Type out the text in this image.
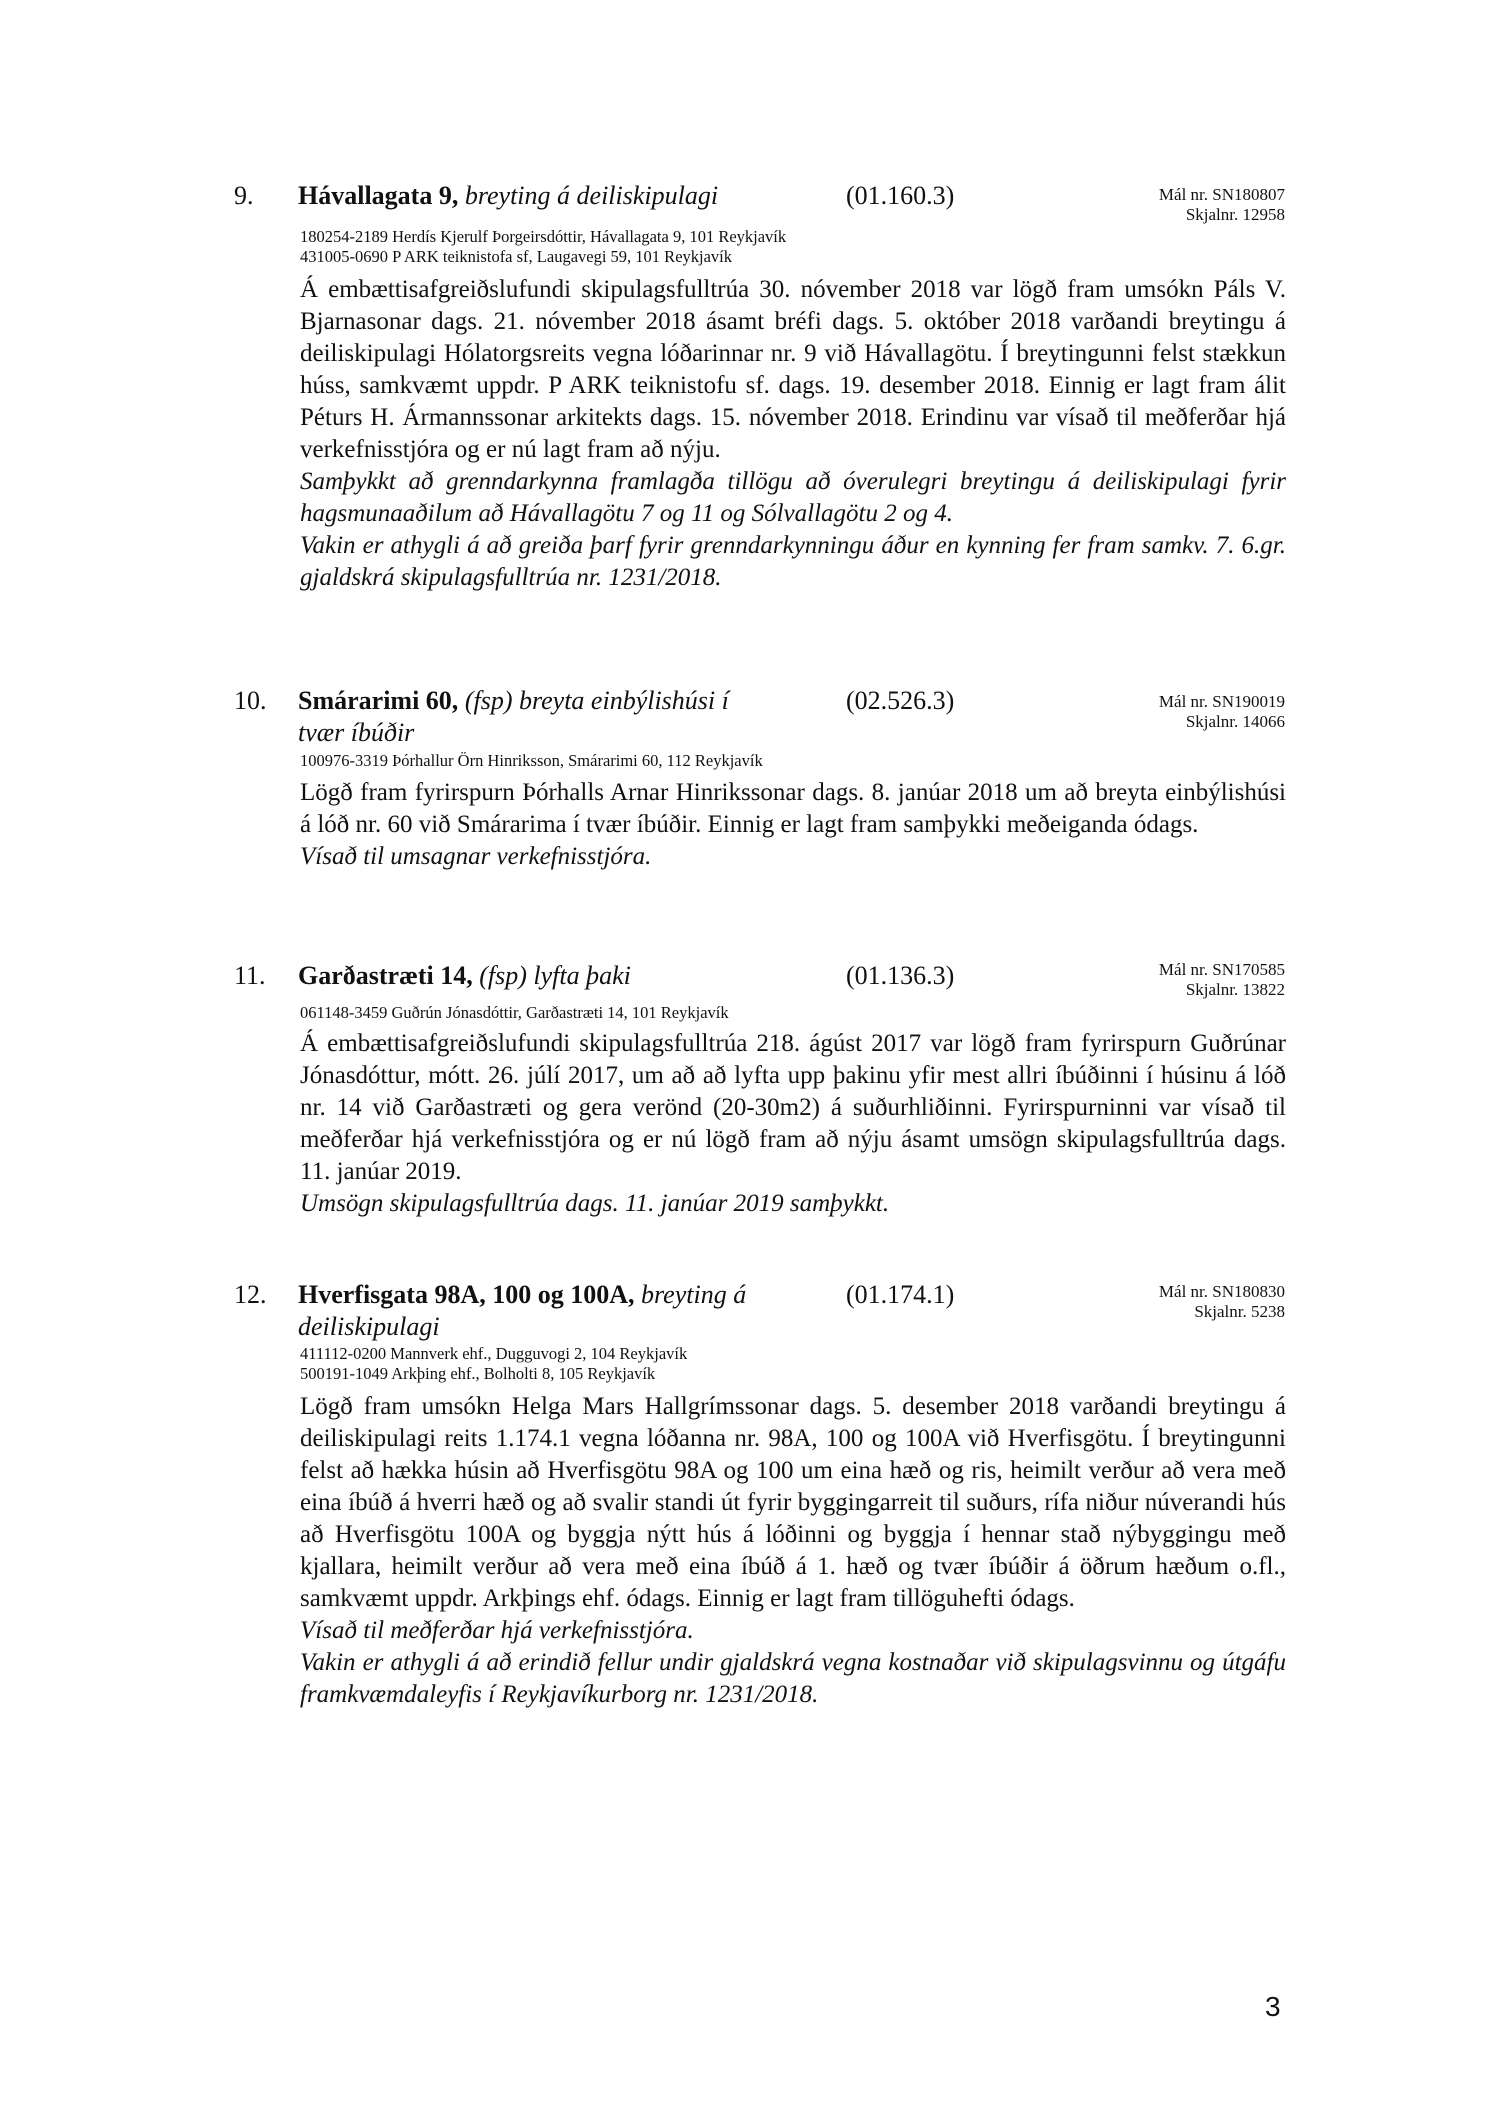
9. Hávallagata 9, breyting á deiliskipulagi	(01.160.3)	Mál nr. SN180807
Skjalnr. 12958
180254-2189 Herdís Kjerulf Þorgeirsdóttir, Hávallagata 9, 101 Reykjavík
431005-0690 P ARK teiknistofa sf, Laugavegi 59, 101 Reykjavík

Á embættisafgreiðslufundi skipulagsfulltrúa 30. nóvember 2018 var lögð fram umsókn Páls V. Bjarnasonar dags. 21. nóvember 2018 ásamt bréfi dags. 5. október 2018 varðandi breytingu á deiliskipulagi Hólatorgsreits vegna lóðarinnar nr. 9 við Hávallagötu. Í breytingunni felst stækkun húss, samkvæmt uppdr. P ARK teiknistofu sf. dags. 19. desember 2018. Einnig er lagt fram álit Péturs H. Ármannssonar arkitekts dags. 15. nóvember 2018. Erindinu var vísað til meðferðar hjá verkefnisstjóra og er nú lagt fram að nýju.

Samþykkt að grenndarkynna framlagða tillögu að óverulegri breytingu á deiliskipulagi fyrir hagsmunaaðilum að Hávallagötu 7 og 11 og Sólvallagötu 2 og 4.

Vakin er athygli á að greiða þarf fyrir grenndarkynningu áður en kynning fer fram samkv. 7. 6.gr. gjaldskrá skipulagsfulltrúa nr. 1231/2018.

10. Smárarimi 60, (fsp) breyta einbýlishúsi í tvær íbúðir
(02.526.3)	Mál nr. SN190019
Skjalnr. 14066
100976-3319 Þórhallur Örn Hinriksson, Smárarimi 60, 112 Reykjavík

Lögð fram fyrirspurn Þórhalls Arnar Hinrikssonar dags. 8. janúar 2018 um að breyta einbýlishúsi á lóð nr. 60 við Smárarima í tvær íbúðir. Einnig er lagt fram samþykki meðeiganda ódags.

Vísað til umsagnar verkefnisstjóra.

11. Garðastræti 14, (fsp) lyfta þaki	(01.136.3)	Mál nr. SN170585
Skjalnr. 13822
061148-3459 Guðrún Jónasdóttir, Garðastræti 14, 101 Reykjavík

Á embættisafgreiðslufundi skipulagsfulltrúa 218. ágúst 2017 var lögð fram fyrirspurn Guðrúnar Jónasdóttur, mótt. 26. júlí 2017, um að að lyfta upp þakinu yfir mest allri íbúðinni í húsinu á lóð nr. 14 við Garðastræti og gera verönd (20-30m2) á suðurhliðinni. Fyrirspurninni var vísað til meðferðar hjá verkefnisstjóra og er nú lögð fram að nýju ásamt umsögn skipulagsfulltrúa dags. 11. janúar 2019.

Umsögn skipulagsfulltrúa dags. 11. janúar 2019 samþykkt.

12. Hverfisgata 98A, 100 og 100A, breyting á deiliskipulagi
(01.174.1)	Mál nr. SN180830
Skjalnr. 5238
411112-0200 Mannverk ehf., Dugguvogi 2, 104 Reykjavík
500191-1049 Arkþing ehf., Bolholti 8, 105 Reykjavík

Lögð fram umsókn Helga Mars Hallgrímssonar dags. 5. desember 2018 varðandi breytingu á deiliskipulagi reits 1.174.1 vegna lóðanna nr. 98A, 100 og 100A við Hverfisgötu. Í breytingunni felst að hækka húsin að Hverfisgötu 98A og 100 um eina hæð og ris, heimilt verður að vera með eina íbúð á hverri hæð og að svalir standi út fyrir byggingarreit til suðurs, rífa niður núverandi hús að Hverfisgötu 100A og byggja nýtt hús á lóðinni og byggja í hennar stað nýbyggingu með kjallara, heimilt verður að vera með eina íbúð á 1. hæð og tvær íbúðir á öðrum hæðum o.fl., samkvæmt uppdr. Arkþings ehf. ódags. Einnig er lagt fram tillöguhefti ódags.

Vísað til meðferðar hjá verkefnisstjóra.

Vakin er athygli á að erindið fellur undir gjaldskrá vegna kostnaðar við skipulagsvinnu og útgáfu framkvæmdaleyfis í Reykjavíkurborg nr. 1231/2018.

3
